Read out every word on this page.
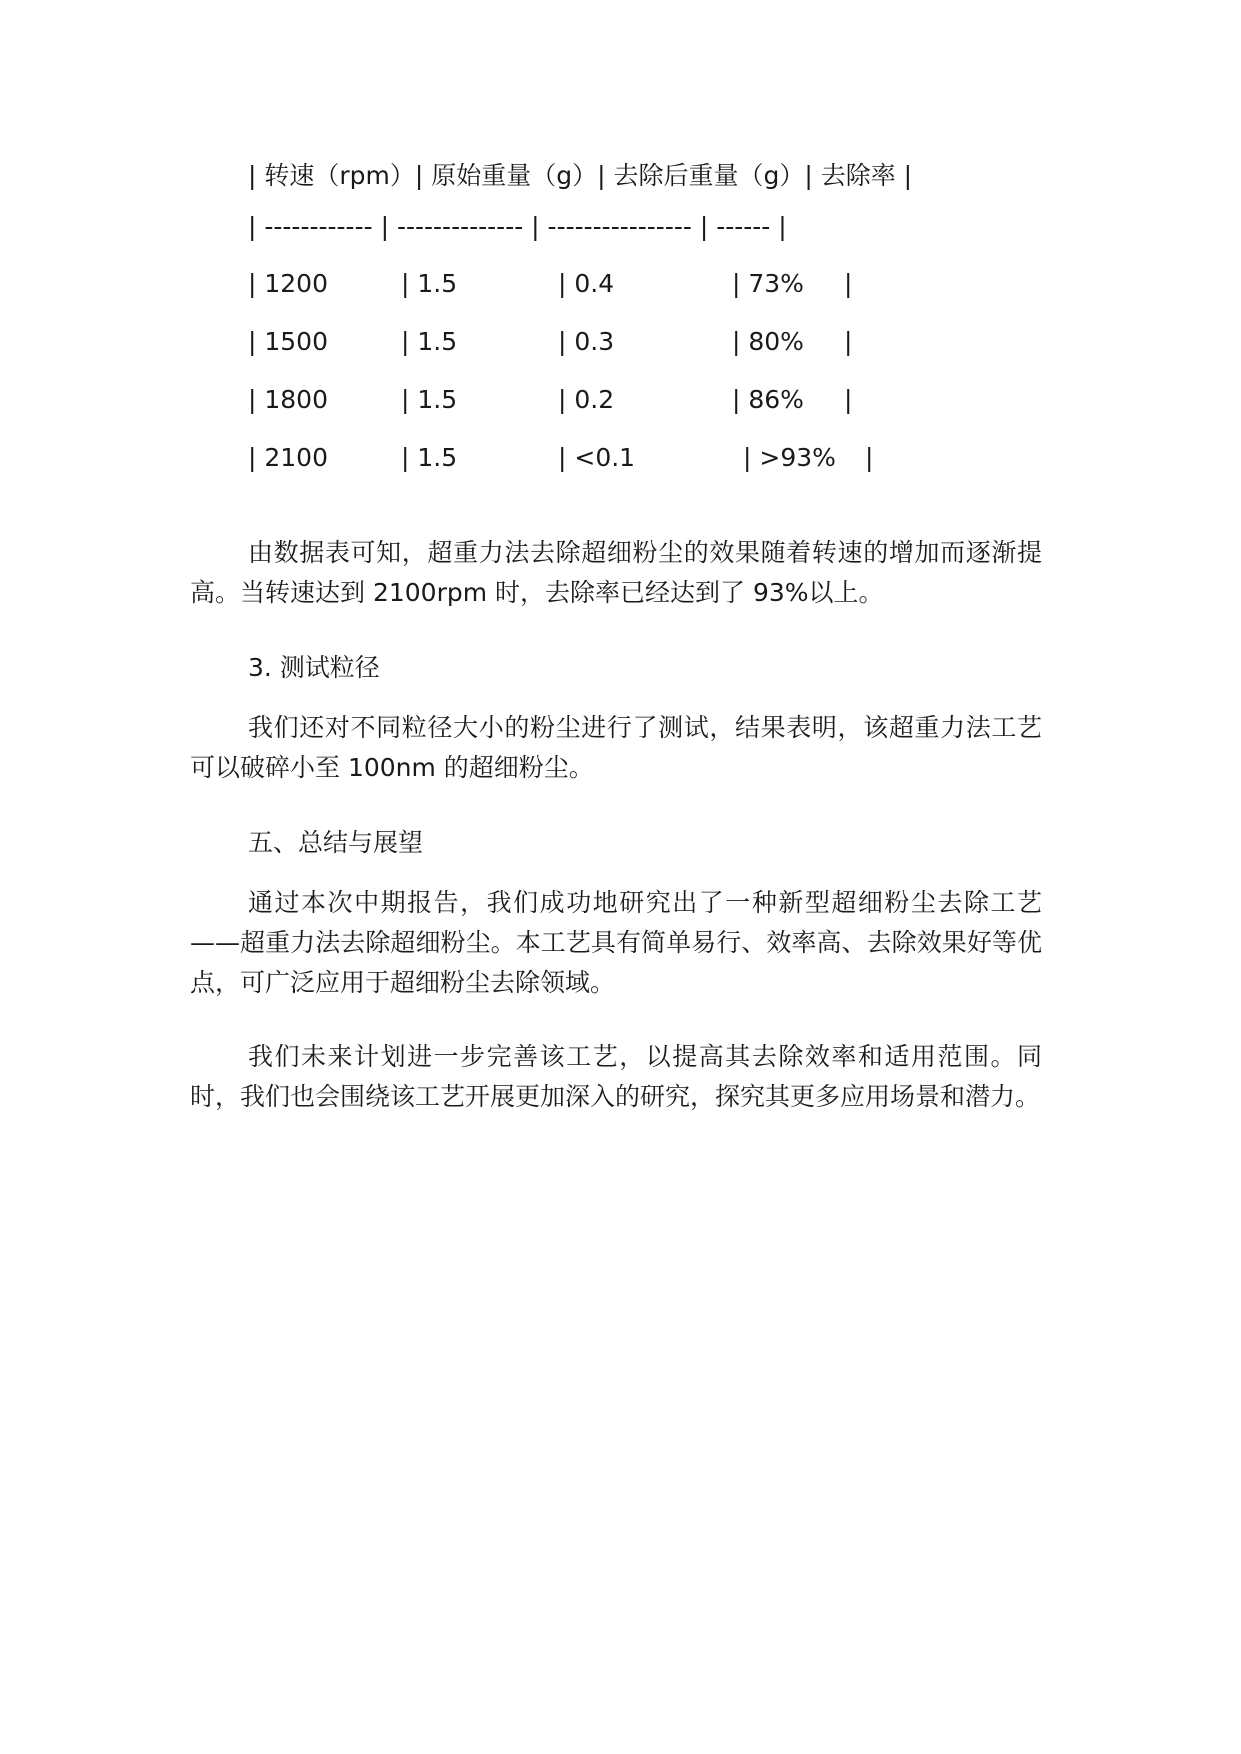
| 转速（rpm）| 原始重量（g）| 去除后重量（g）| 去除率 |
| ------------ | -------------- | ---------------- | ------ |
| 1200	| 1.5	| 0.4	| 73% |
| 1500	| 1.5	| 0.3	| 80% |
| 1800	| 1.5	| 0.2	| 86% |
| 2100	| 1.5	| <0.1	| >93% |

由数据表可知，超重力法去除超细粉尘的效果随着转速的增加而逐渐提高。当转速达到 2100rpm 时，去除率已经达到了 93%以上。

3. 测试粒径

我们还对不同粒径大小的粉尘进行了测试，结果表明，该超重力法工艺可以破碎小至 100nm 的超细粉尘。

五、总结与展望

通过本次中期报告，我们成功地研究出了一种新型超细粉尘去除工艺——超重力法去除超细粉尘。本工艺具有简单易行、效率高、去除效果好等优点，可广泛应用于超细粉尘去除领域。

我们未来计划进一步完善该工艺，以提高其去除效率和适用范围。同时，我们也会围绕该工艺开展更加深入的研究，探究其更多应用场景和潜力。
